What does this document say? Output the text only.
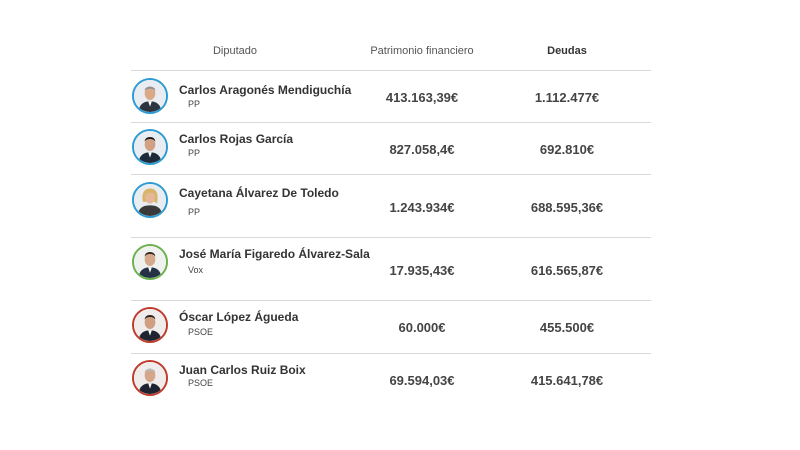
Diputado	Patrimonio financiero	Deudas
Carlos Aragonés Mendiguchía
PP	413.163,39€	1.112.477€
Carlos Rojas García
PP	827.058,4€	692.810€
Cayetana Álvarez De Toledo
PP	1.243.934€	688.595,36€
José María Figaredo Álvarez-Sala
Vox	17.935,43€	616.565,87€
Óscar López Águeda
PSOE	60.000€	455.500€
Juan Carlos Ruiz Boix
PSOE	69.594,03€	415.641,78€
